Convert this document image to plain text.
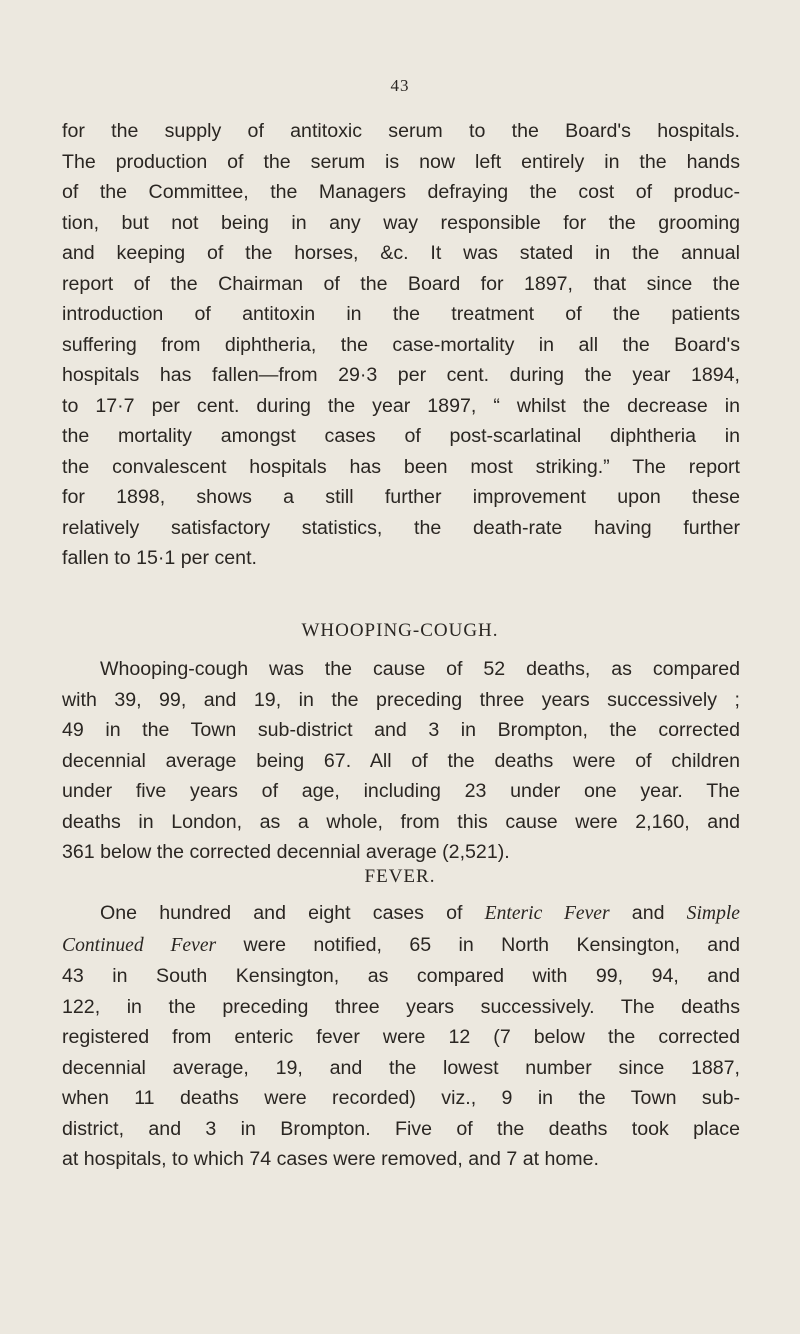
43
for the supply of antitoxic serum to the Board's hospitals.
The production of the serum is now left entirely in the hands
of the Committee, the Managers defraying the cost of produc-
tion, but not being in any way responsible for the grooming
and keeping of the horses, &c. It was stated in the annual
report of the Chairman of the Board for 1897, that since the
introduction of antitoxin in the treatment of the patients
suffering from diphtheria, the case-mortality in all the Board's
hospitals has fallen—from 29·3 per cent. during the year 1894,
to 17·7 per cent. during the year 1897, “ whilst the decrease in
the mortality amongst cases of post-scarlatinal diphtheria in
the convalescent hospitals has been most striking.” The report
for 1898, shows a still further improvement upon these
relatively satisfactory statistics, the death-rate having further
fallen to 15·1 per cent.
WHOOPING-COUGH.
Whooping-cough was the cause of 52 deaths, as compared
with 39, 99, and 19, in the preceding three years successively ;
49 in the Town sub-district and 3 in Brompton, the corrected
decennial average being 67. All of the deaths were of children
under five years of age, including 23 under one year. The
deaths in London, as a whole, from this cause were 2,160, and
361 below the corrected decennial average (2,521).
FEVER.
One hundred and eight cases of Enteric Fever and Simple
Continued Fever were notified, 65 in North Kensington, and
43 in South Kensington, as compared with 99, 94, and
122, in the preceding three years successively. The deaths
registered from enteric fever were 12 (7 below the corrected
decennial average, 19, and the lowest number since 1887,
when 11 deaths were recorded) viz., 9 in the Town sub-
district, and 3 in Brompton. Five of the deaths took place
at hospitals, to which 74 cases were removed, and 7 at home.
